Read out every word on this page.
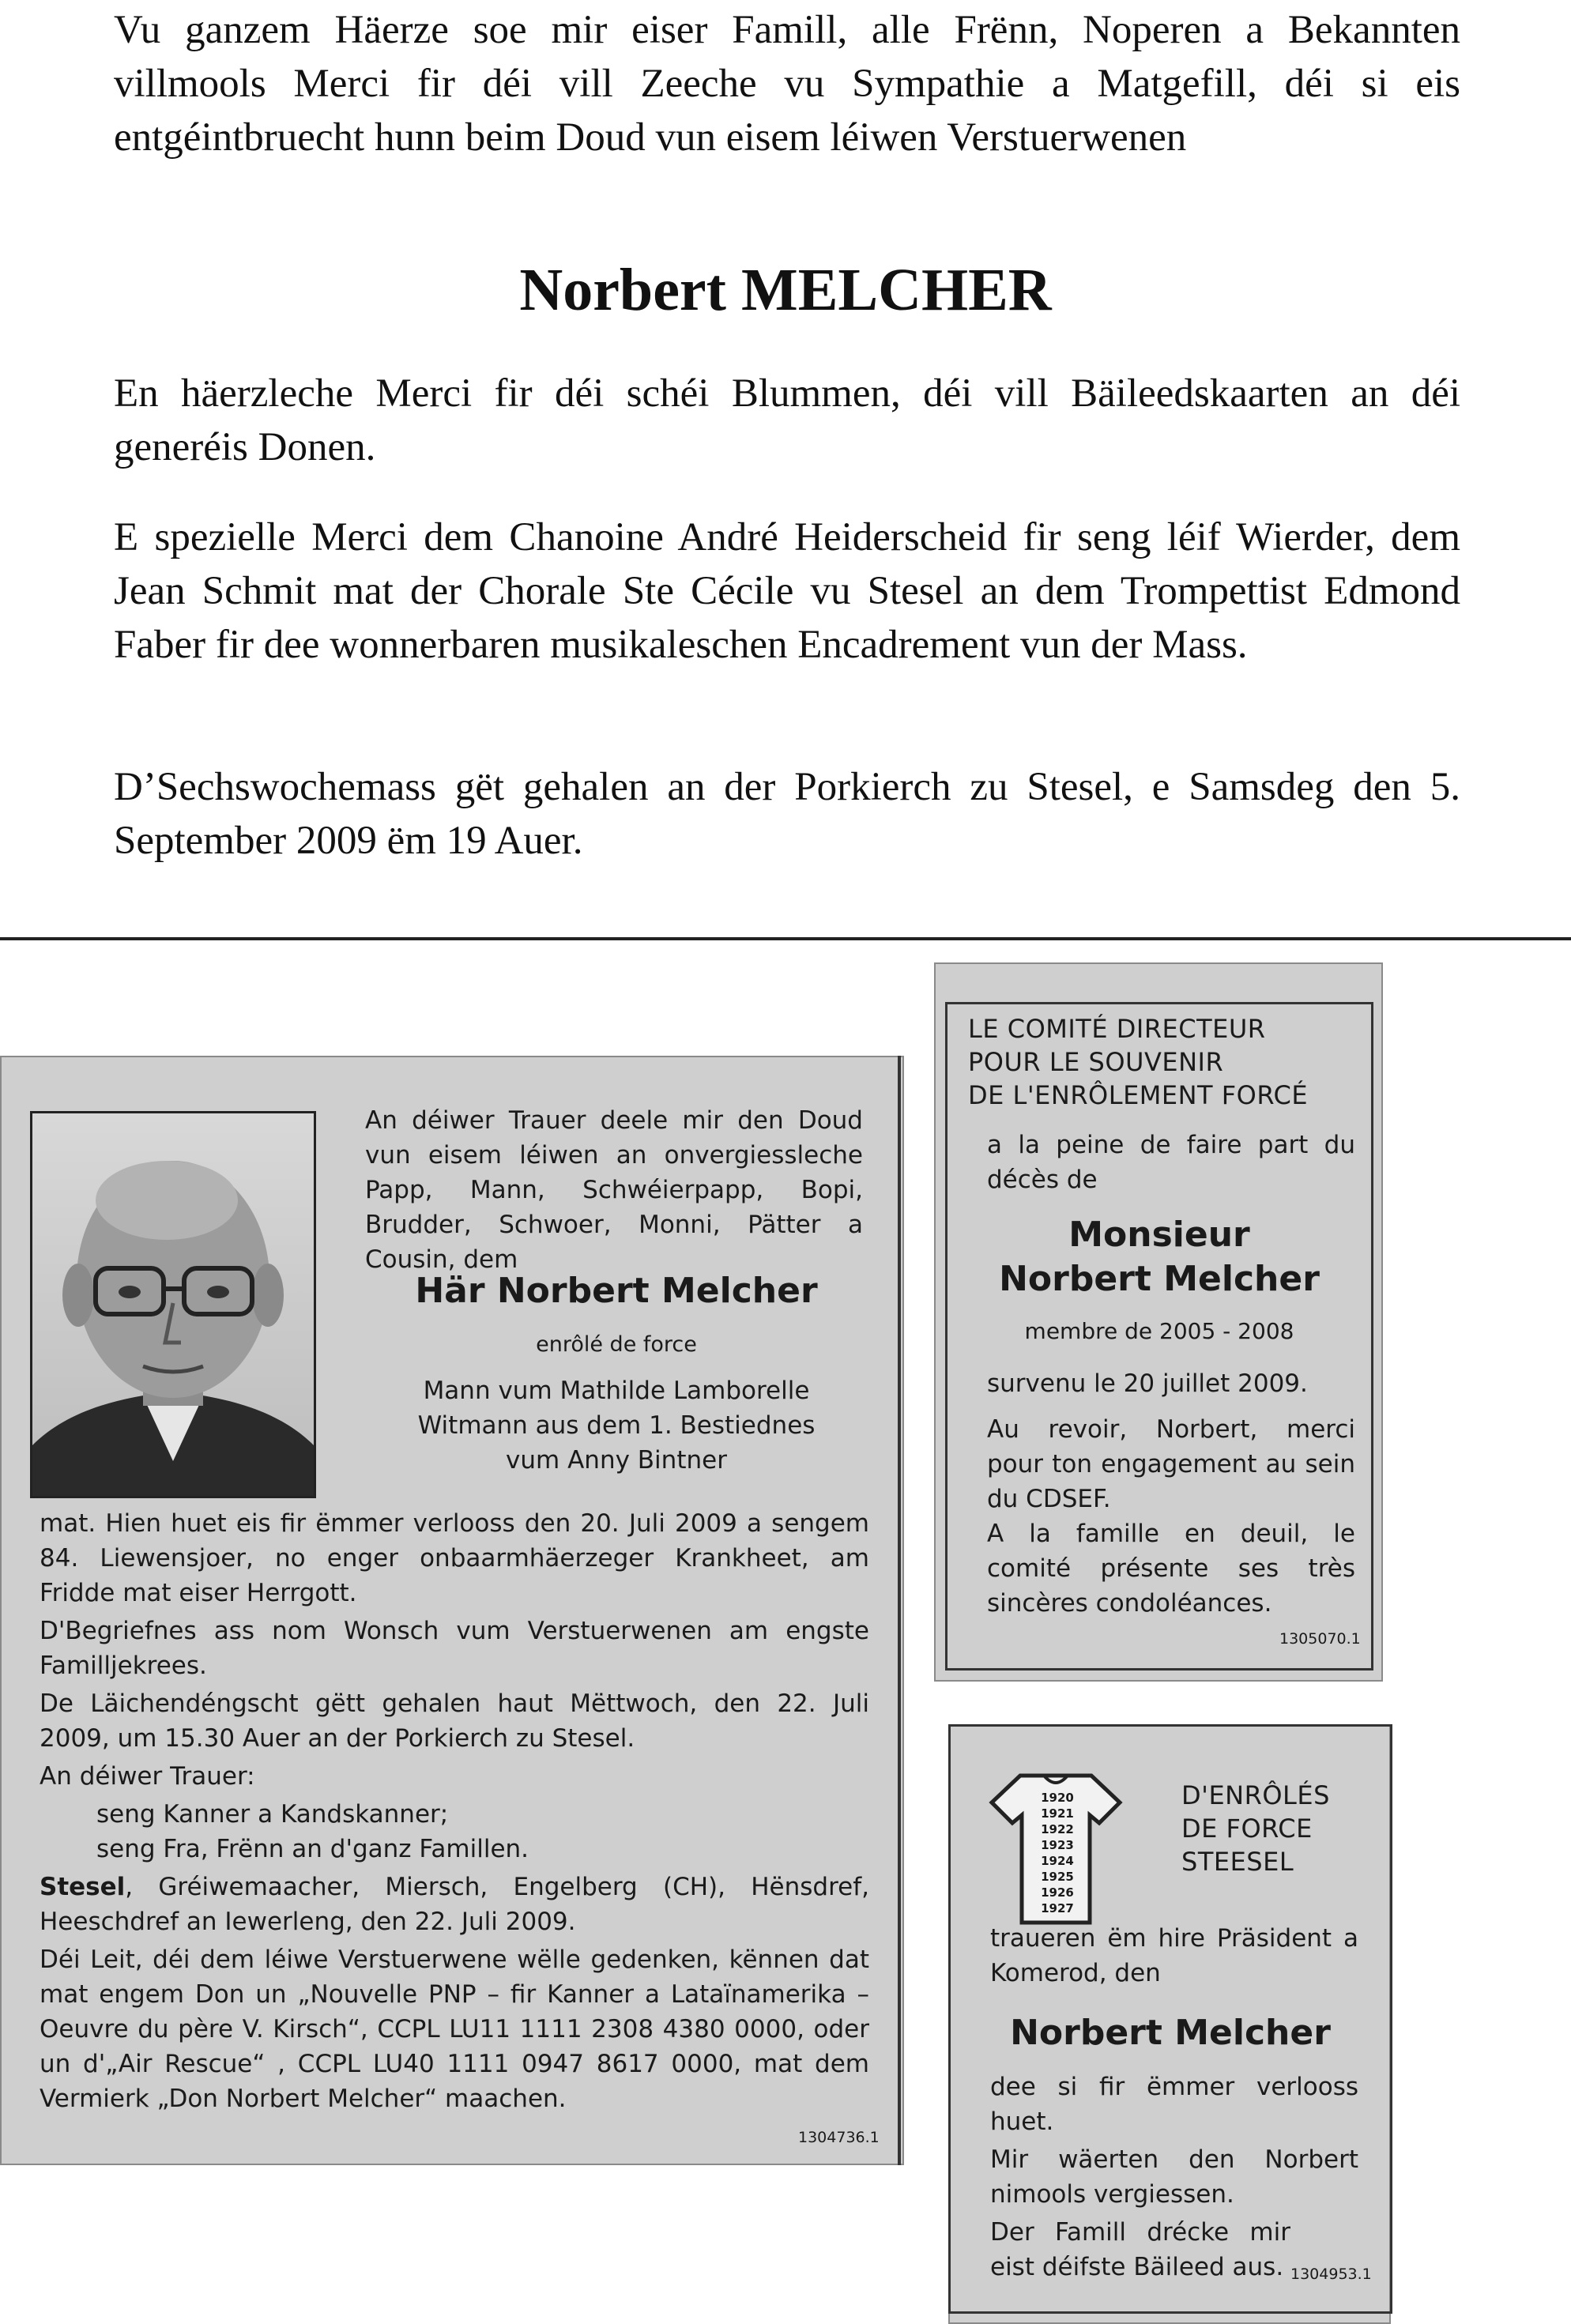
Vu ganzem Häerze soe mir eiser Famill, alle Frënn, Noperen a Bekannten villmools Merci fir déi vill Zeeche vu Sympathie a Matgefill, déi si eis entgéintbruecht hunn beim Doud vun eisem léiwen Verstuerwenen

En häerzleche Merci fir déi schéi Blummen, déi vill Bäileedskaarten an déi generéis Donen.

E spezielle Merci dem Chanoine André Heiderscheid fir seng léif Wierder, dem Jean Schmit mat der Chorale Ste Cécile vu Stesel an dem Trompettist Edmond Faber fir dee wonnerbaren musikaleschen Encadrement vun der Mass.

D’Sechswochemass gët gehalen an der Porkierch zu Stesel, e Samsdeg den 5. September 2009 ëm 19 Auer.

Norbert MELCHER
An déiwer Trauer deele mir den Doud vun eisem léiwen an onvergiessleche Papp, Mann, Schwéierpapp, Bopi, Brudder, Schwoer, Monni, Pätter a Cousin, dem
Här Norbert Melcher
enrôlé de force
Mann vum Mathilde Lamborelle
Witmann aus dem 1. Bestiednes
vum Anny Bintner

mat. Hien huet eis fir ëmmer verlooss den 20. Juli 2009 a sengem 84. Liewensjoer, no enger onbaarmhäerzeger Krankheet, am Fridde mat eiser Herrgott.

D'Begriefnes ass nom Wonsch vum Verstuerwenen am engste Familljekrees.

De Läichendéngscht gëtt gehalen haut Mëttwoch, den 22. Juli 2009, um 15.30 Auer an der Porkierch zu Stesel.

An déiwer Trauer:

seng Kanner a Kandskanner;

seng Fra, Frënn an d'ganz Famillen.

Stesel, Gréiwemaacher, Miersch, Engelberg (CH), Hënsdref, Heeschdref an Iewerleng, den 22. Juli 2009.

Déi Leit, déi dem léiwe Verstuerwene wëlle gedenken, kënnen dat mat engem Don un „Nouvelle PNP – fir Kanner a Lataïnamerika – Oeuvre du père V. Kirsch“, CCPL LU11 1111 2308 4380 0000, oder un d'„Air Rescue“ , CCPL LU40 1111 0947 8617 0000, mat dem Vermierk „Don Norbert Melcher“ maachen.

1304736.1
LE COMITÉ DIRECTEUR
POUR LE SOUVENIR
DE L'ENRÔLEMENT FORCÉ
a la peine de faire part du décès de
Monsieur
Norbert Melcher
membre de 2005 - 2008
survenu le 20 juillet 2009.
Au revoir, Norbert, merci pour ton engagement au sein du CDSEF.
A la famille en deuil, le comité présente ses très sincères condoléances.
1305070.1
1920
1921
1922
1923
1924
1925
1926
1927
D'ENRÔLÉS
DE FORCE
STEESEL
traueren ëm hire Präsident a Komerod, den
Norbert Melcher
dee si fir ëmmer verlooss huet.
Mir wäerten den Norbert nimools vergiessen.
Der Famill drécke mir eist déifste Bäileed aus. 1304953.1
